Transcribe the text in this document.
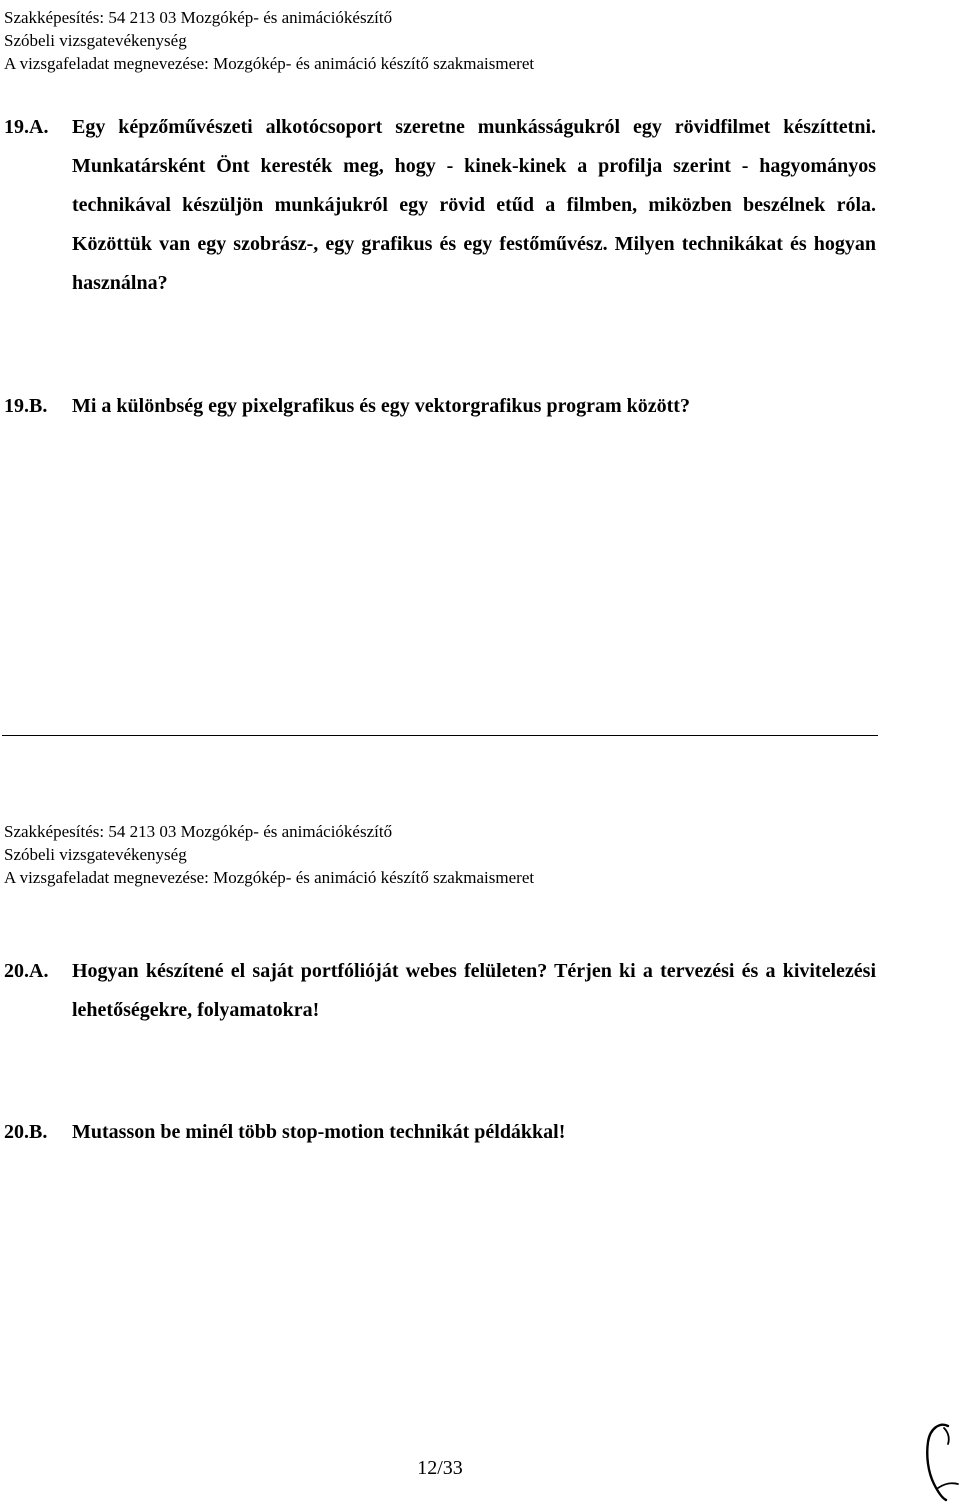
Szakképesítés: 54 213 03 Mozgókép- és animációkészítő
Szóbeli vizsgatevékenység
A vizsgafeladat megnevezése: Mozgókép- és animáció készítő szakmaismeret
19.A. Egy képzőművészeti alkotócsoport szeretne munkásságukról egy rövidfilmet készíttetni. Munkatársként Önt keresték meg, hogy - kinek-kinek a profilja szerint - hagyományos technikával készüljön munkájukról egy rövid etűd a filmben, miközben beszélnek róla. Közöttük van egy szobrász-, egy grafikus és egy festőművész. Milyen technikákat és hogyan használna?
19.B. Mi a különbség egy pixelgrafikus és egy vektorgrafikus program között?
Szakképesítés: 54 213 03 Mozgókép- és animációkészítő
Szóbeli vizsgatevékenység
A vizsgafeladat megnevezése: Mozgókép- és animáció készítő szakmaismeret
20.A. Hogyan készítené el saját portfólióját webes felületen? Térjen ki a tervezési és a kivitelezési lehetőségekre, folyamatokra!
20.B. Mutasson be minél több stop-motion technikát példákkal!
12/33
